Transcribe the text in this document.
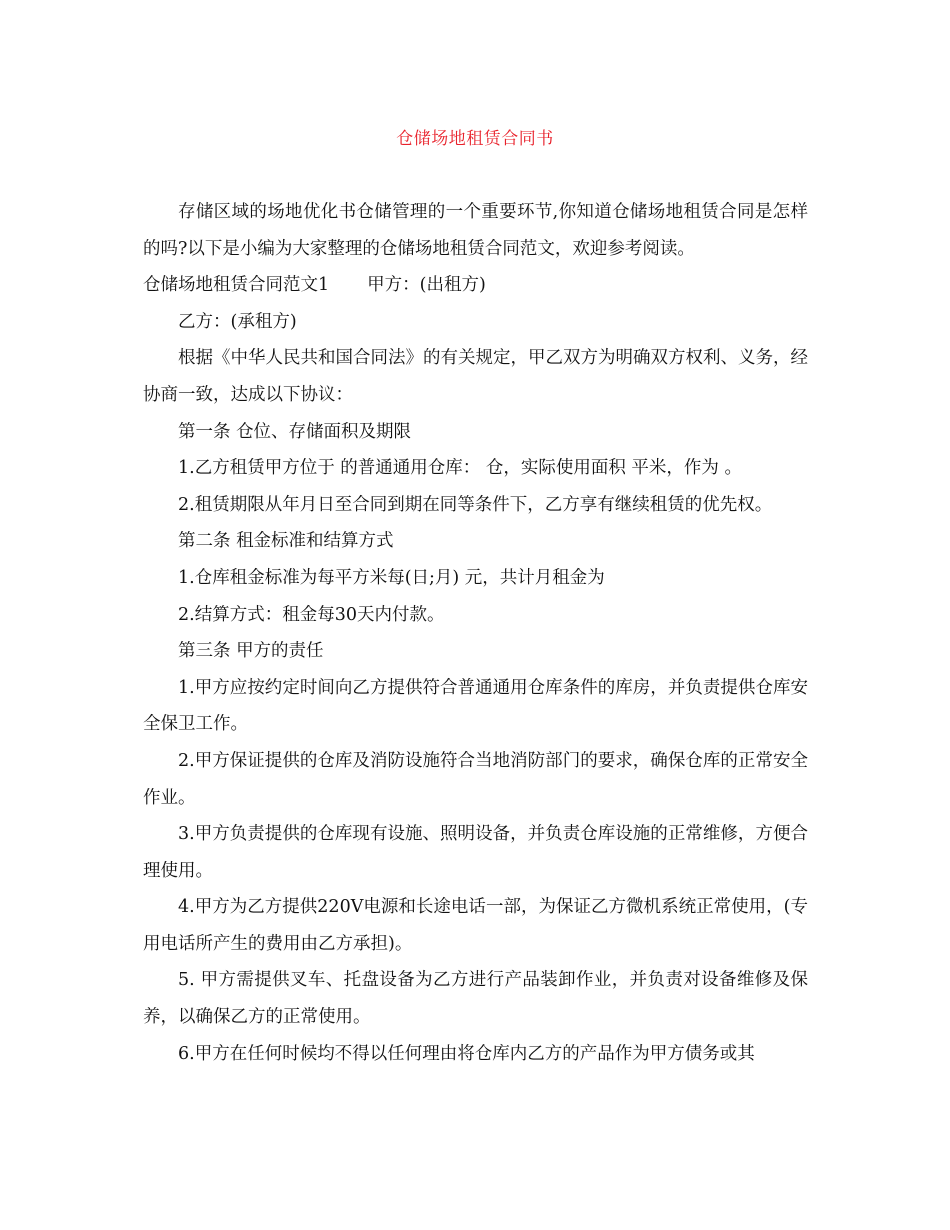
仓储场地租赁合同书

存储区域的场地优化书仓储管理的一个重要环节,你知道仓储场地租赁合同是怎样的吗?以下是小编为大家整理的仓储场地租赁合同范文，欢迎参考阅读。

仓储场地租赁合同范文1 甲方：(出租方)

乙方：(承租方)

根据《中华人民共和国合同法》的有关规定，甲乙双方为明确双方权利、义务，经协商一致，达成以下协议：

第一条 仓位、存储面积及期限

1.乙方租赁甲方位于 的普通通用仓库： 仓，实际使用面积 平米，作为 。

2.租赁期限从年月日至合同到期在同等条件下，乙方享有继续租赁的优先权。

第二条 租金标准和结算方式

1.仓库租金标准为每平方米每(日;月) 元，共计月租金为

2.结算方式：租金每30天内付款。

第三条 甲方的责任

1.甲方应按约定时间向乙方提供符合普通通用仓库条件的库房，并负责提供仓库安全保卫工作。

2.甲方保证提供的仓库及消防设施符合当地消防部门的要求，确保仓库的正常安全作业。

3.甲方负责提供的仓库现有设施、照明设备，并负责仓库设施的正常维修，方便合理使用。

4.甲方为乙方提供220V电源和长途电话一部，为保证乙方微机系统正常使用，(专用电话所产生的费用由乙方承担)。

5. 甲方需提供叉车、托盘设备为乙方进行产品装卸作业，并负责对设备维修及保养，以确保乙方的正常使用。

6.甲方在任何时候均不得以任何理由将仓库内乙方的产品作为甲方债务或其
